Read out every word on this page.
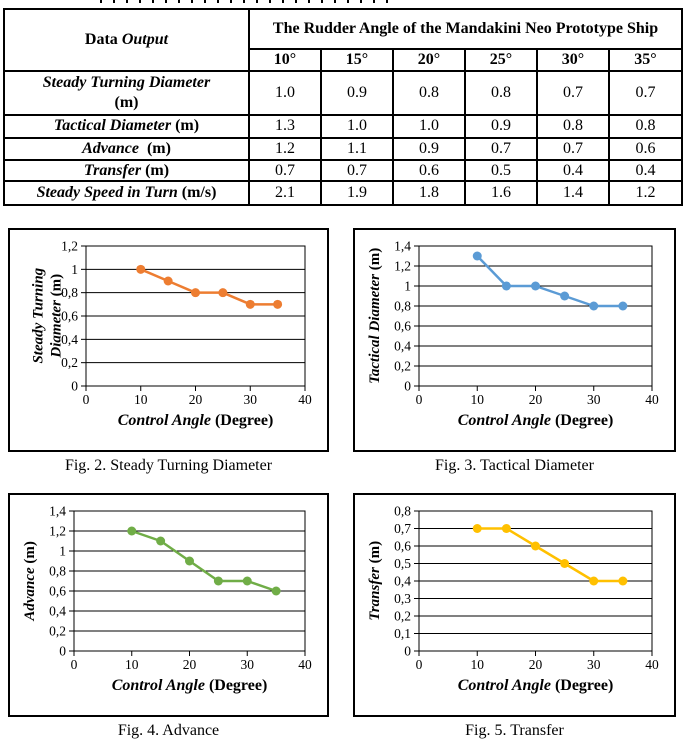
Data Output	The Rudder Angle of the Mandakini Neo Prototype Ship					
	10°	15°	20°	25°	30°	35°
Steady Turning Diameter (m)	1.0	0.9	0.8	0.8	0.7	0.7
Tactical Diameter (m)	1.3	1.0	1.0	0.9	0.8	0.8
Advance (m)	1.2	1.1	0.9	0.7	0.7	0.6
Transfer (m)	0.7	0.7	0.6	0.5	0.4	0.4
Steady Speed in Turn (m/s)	2.1	1.9	1.8	1.6	1.4	1.2
0
0,2
0,4
0,6
0,8
1
1,2
0	10	20	30	40
Steady Turning Diameter (m)
Control Angle (Degree)
Fig. 2. Steady Turning Diameter
0
0,2
0,4
0,6
0,8
1
1,2
1,4
0	10	20	30	40
Tactical Diameter (m)
Control Angle (Degree)
Fig. 3. Tactical Diameter
0
0,2
0,4
0,6
0,8
1
1,2
1,4
0	10	20	30	40
Advance (m)
Control Angle (Degree)
Fig. 4. Advance
0
0,1
0,2
0,3
0,4
0,5
0,6
0,7
0,8
0	10	20	30	40
Transfer (m)
Control Angle (Degree)
Fig. 5. Transfer
